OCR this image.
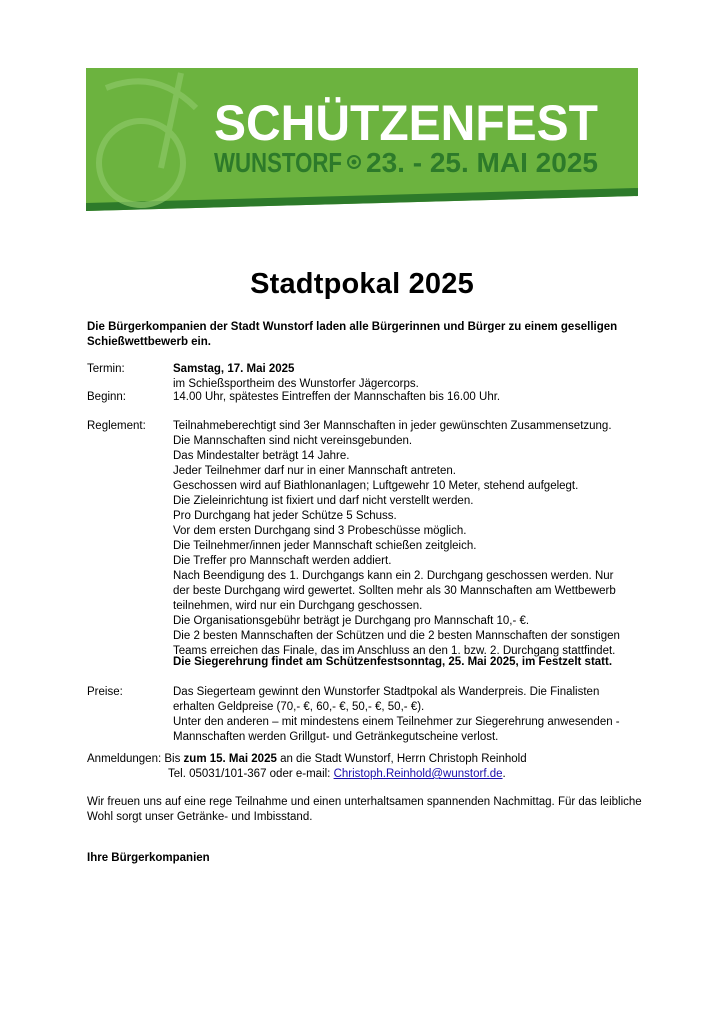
SCHÜTZENFEST
WUNSTORF 23. - 25. MAI 2025
Stadtpokal 2025
Die Bürgerkompanien der Stadt Wunstorf laden alle Bürgerinnen und Bürger zu einem geselligen Schießwettbewerb ein.
Termin:	Samstag, 17. Mai 2025
im Schießsportheim des Wunstorfer Jägercorps.
Beginn:	14.00 Uhr, spätestes Eintreffen der Mannschaften bis 16.00 Uhr.
Reglement: Teilnahmeberechtigt sind 3er Mannschaften in jeder gewünschten Zusammensetzung.
Die Mannschaften sind nicht vereinsgebunden.
Das Mindestalter beträgt 14 Jahre.
Jeder Teilnehmer darf nur in einer Mannschaft antreten.
Geschossen wird auf Biathlonanlagen; Luftgewehr 10 Meter, stehend aufgelegt.
Die Zieleinrichtung ist fixiert und darf nicht verstellt werden.
Pro Durchgang hat jeder Schütze 5 Schuss.
Vor dem ersten Durchgang sind 3 Probeschüsse möglich.
Die Teilnehmer/innen jeder Mannschaft schießen zeitgleich.
Die Treffer pro Mannschaft werden addiert.
Nach Beendigung des 1. Durchgangs kann ein 2. Durchgang geschossen werden. Nur
der beste Durchgang wird gewertet. Sollten mehr als 30 Mannschaften am Wettbewerb
teilnehmen, wird nur ein Durchgang geschossen.
Die Organisationsgebühr beträgt je Durchgang pro Mannschaft 10,- €.
Die 2 besten Mannschaften der Schützen und die 2 besten Mannschaften der sonstigen
Teams erreichen das Finale, das im Anschluss an den 1. bzw. 2. Durchgang stattfindet.
Die Siegerehrung findet am Schützenfestsonntag, 25. Mai 2025, im Festzelt statt.
Preise:	Das Siegerteam gewinnt den Wunstorfer Stadtpokal als Wanderpreis. Die Finalisten
erhalten Geldpreise (70,- €, 60,- €, 50,- €, 50,- €).
Unter den anderen – mit mindestens einem Teilnehmer zur Siegerehrung anwesenden -
Mannschaften werden Grillgut- und Getränkegutscheine verlost.
Anmeldungen: Bis zum 15. Mai 2025 an die Stadt Wunstorf, Herrn Christoph Reinhold
Tel. 05031/101-367 oder e-mail: Christoph.Reinhold@wunstorf.de.
Wir freuen uns auf eine rege Teilnahme und einen unterhaltsamen spannenden Nachmittag. Für das leibliche Wohl sorgt unser Getränke- und Imbisstand.
Ihre Bürgerkompanien
